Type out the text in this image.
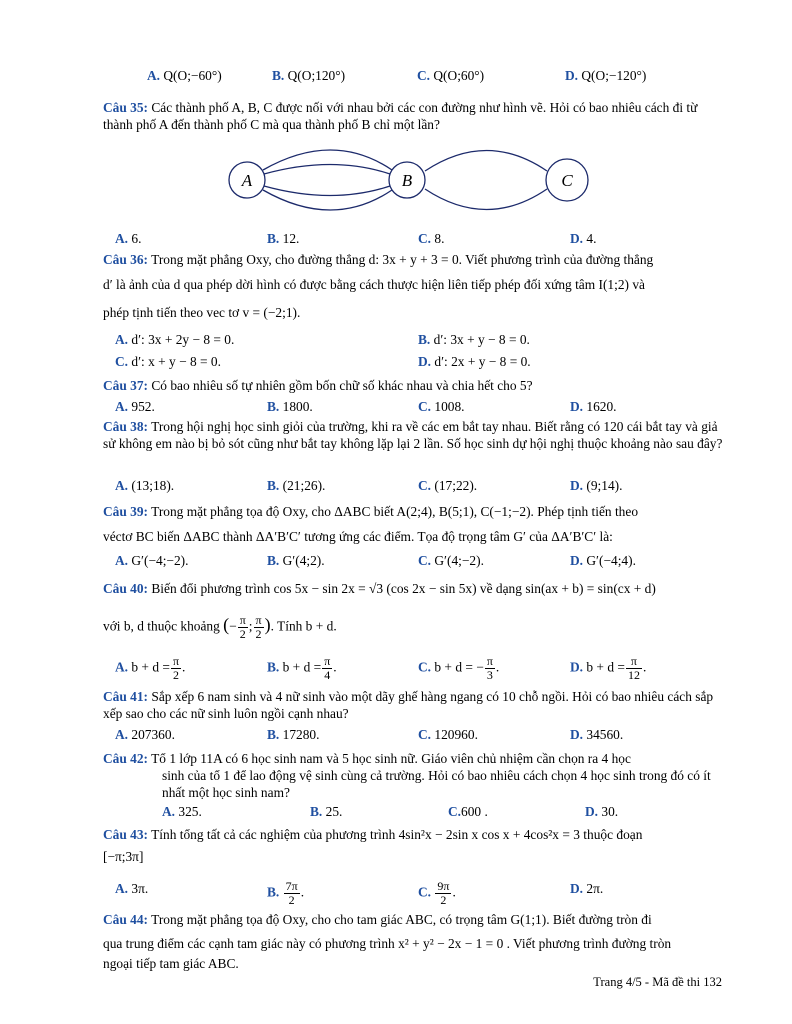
A. Q(O;−60°)	B. Q(O;120°)	C. Q(O;60°)	D. Q(O;−120°)
Câu 35: Các thành phố A, B, C được nối với nhau bởi các con đường như hình vẽ. Hỏi có bao nhiêu cách đi từ thành phố A đến thành phố C mà qua thành phố B chỉ một lần?
A	B	C
A. 6.	B. 12.	C. 8.	D. 4.
Câu 36: Trong mặt phẳng Oxy, cho đường thẳng d: 3x + y + 3 = 0. Viết phương trình của đường thẳng
d′ là ảnh của d qua phép dời hình có được bằng cách thược hiện liên tiếp phép đối xứng tâm I(1;2) và
phép tịnh tiến theo vec tơ v = (−2;1).
A. d′: 3x + 2y − 8 = 0.	B. d′: 3x + y − 8 = 0.
C. d′: x + y − 8 = 0.	D. d′: 2x + y − 8 = 0.
Câu 37: Có bao nhiêu số tự nhiên gồm bốn chữ số khác nhau và chia hết cho 5?
A. 952.	B. 1800.	C. 1008.	D. 1620.
Câu 38: Trong hội nghị học sinh giỏi của trường, khi ra về các em bắt tay nhau. Biết rằng có 120 cái bắt tay và giả sử không em nào bị bỏ sót cũng như bắt tay không lặp lại 2 lần. Số học sinh dự hội nghị thuộc khoảng nào sau đây?
A. (13;18).	B. (21;26).	C. (17;22).	D. (9;14).
Câu 39: Trong mặt phẳng tọa độ Oxy, cho ΔABC biết A(2;4), B(5;1), C(−1;−2). Phép tịnh tiến theo
véctơ BC biến ΔABC thành ΔA′B′C′ tương ứng các điểm. Tọa độ trọng tâm G′ của ΔA′B′C′ là:
A. G′(−4;−2).	B. G′(4;2).	C. G′(4;−2).	D. G′(−4;4).
Câu 40: Biến đổi phương trình cos 5x − sin 2x = √3 (cos 2x − sin 5x) về dạng sin(ax + b) = sin(cx + d)
với b, d thuộc khoảng (− $\frac{\pi}{2}$ ; $\frac{\pi}{2}$ ). Tính b + d.
A. $b + d = \frac{\pi}{2}$ .	B. $b + d = \frac{\pi}{4}$ .	C. b + d = − $\frac{\pi}{3}$ .	D. $b + d = \frac{\pi}{12}$ .
Câu 41: Sắp xếp 6 nam sinh và 4 nữ sinh vào một dãy ghế hàng ngang có 10 chỗ ngồi. Hỏi có bao nhiêu cách sắp xếp sao cho các nữ sinh luôn ngồi cạnh nhau?
A. 207360.	B. 17280.	C. 120960.	D. 34560.
Câu 42: Tổ 1 lớp 11A có 6 học sinh nam và 5 học sinh nữ. Giáo viên chủ nhiệm cần chọn ra 4 học
sinh của tổ 1 để lao động vệ sinh cùng cả trường. Hỏi có bao nhiêu cách chọn 4 học sinh trong đó có ít nhất một học sinh nam?
A. 325.	B. 25.	C.600 .	D. 30.
Câu 43: Tính tổng tất cả các nghiệm của phương trình 4sin²x − 2sin x cos x + 4cos²x = 3 thuộc đoạn
[−π;3π]
A. 3π.	B. $\frac{7\pi}{2}$ .	C. $\frac{9\pi}{2}$ .	D. 2π.
Câu 44: Trong mặt phẳng tọa độ Oxy, cho cho tam giác ABC, có trọng tâm G(1;1). Biết đường tròn đi
qua trung điểm các cạnh tam giác này có phương trình x² + y² − 2x − 1 = 0 . Viết phương trình đường tròn
ngoại tiếp tam giác ABC.
Trang 4/5 - Mã đề thi 132
